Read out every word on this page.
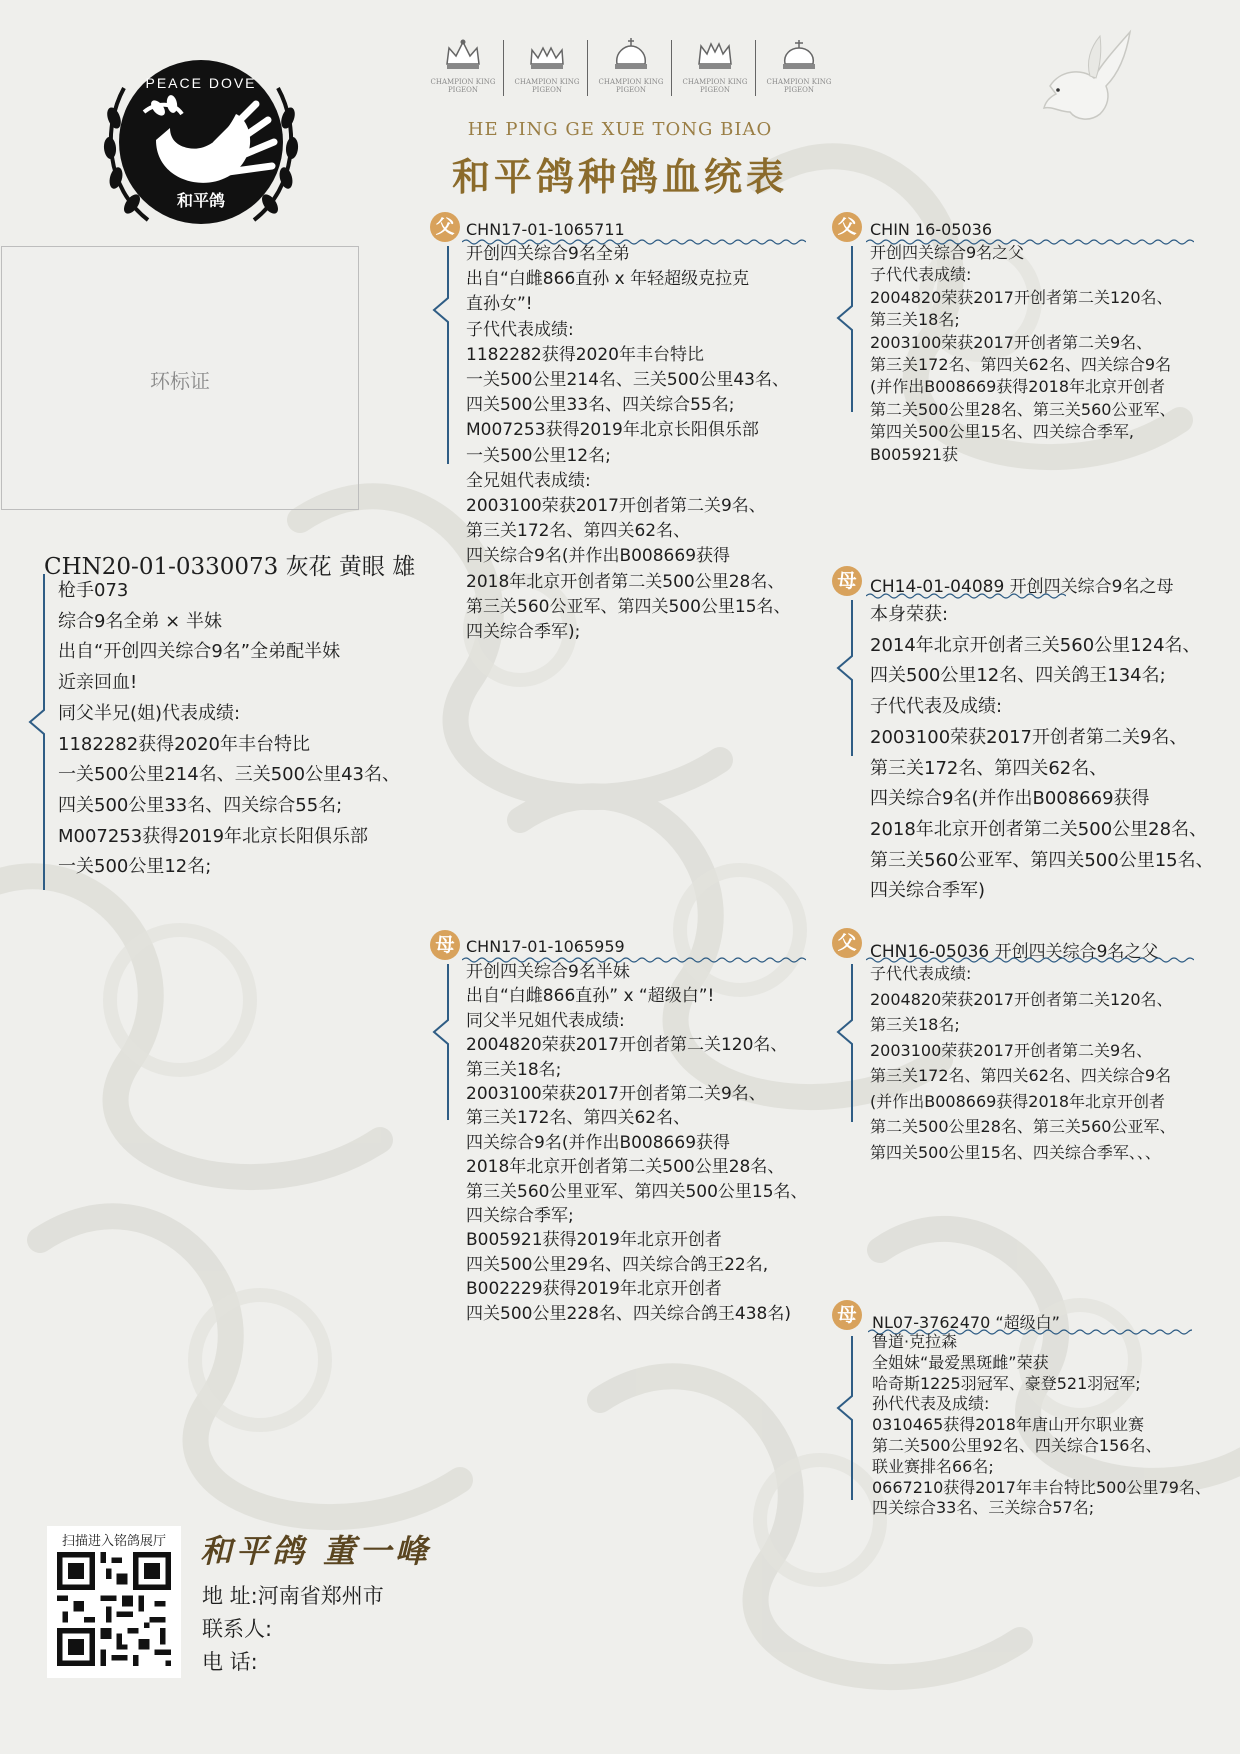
PEACE DOVE
和平鸽
CHAMPION KING PIGEON
CHAMPION KING PIGEON
CHAMPION KING PIGEON
CHAMPION KING PIGEON
CHAMPION KING PIGEON
HE PING GE XUE TONG BIAO
和平鸽种鸽血统表
环标证
CHN20-01-0330073 灰花 黄眼 雄
枪手073
综合9名全弟 × 半妹
出自“开创四关综合9名”全弟配半妹
近亲回血!
同父半兄(姐)代表成绩:
1182282获得2020年丰台特比
一关500公里214名、三关500公里43名、
四关500公里33名、四关综合55名;
M007253获得2019年北京长阳俱乐部
一关500公里12名;
父 CHN17-01-1065711
开创四关综合9名全弟
出自“白雌866直孙 x 年轻超级克拉克
直孙女”!
子代代表成绩:
1182282获得2020年丰台特比
一关500公里214名、三关500公里43名、
四关500公里33名、四关综合55名;
M007253获得2019年北京长阳俱乐部
一关500公里12名;
全兄姐代表成绩:
2003100荣获2017开创者第二关9名、
第三关172名、第四关62名、
四关综合9名(并作出B008669获得
2018年北京开创者第二关500公里28名、
第三关560公亚军、第四关500公里15名、
四关综合季军);
父 CHIN 16-05036
开创四关综合9名之父
子代代表成绩:
2004820荣获2017开创者第二关120名、
第三关18名;
2003100荣获2017开创者第二关9名、
第三关172名、第四关62名、四关综合9名
(并作出B008669获得2018年北京开创者
第二关500公里28名、第三关560公亚军、
第四关500公里15名、四关综合季军,
B005921获
母 CH14-01-04089 开创四关综合9名之母
本身荣获:
2014年北京开创者三关560公里124名、
四关500公里12名、四关鸽王134名;
子代代表及成绩:
2003100荣获2017开创者第二关9名、
第三关172名、第四关62名、
四关综合9名(并作出B008669获得
2018年北京开创者第二关500公里28名、
第三关560公亚军、第四关500公里15名、
四关综合季军)
母 CHN17-01-1065959
开创四关综合9名半妹
出自“白雌866直孙” x “超级白”!
同父半兄姐代表成绩:
2004820荣获2017开创者第二关120名、
第三关18名;
2003100荣获2017开创者第二关9名、
第三关172名、第四关62名、
四关综合9名(并作出B008669获得
2018年北京开创者第二关500公里28名、
第三关560公里亚军、第四关500公里15名、
四关综合季军;
B005921获得2019年北京开创者
四关500公里29名、四关综合鸽王22名,
B002229获得2019年北京开创者
四关500公里228名、四关综合鸽王438名)
父 CHN16-05036 开创四关综合9名之父
子代代表成绩:
2004820荣获2017开创者第二关120名、
第三关18名;
2003100荣获2017开创者第二关9名、
第三关172名、第四关62名、四关综合9名
(并作出B008669获得2018年北京开创者
第二关500公里28名、第三关560公亚军、
第四关500公里15名、四关综合季军、、、
母 NL07-3762470 “超级白”
鲁道·克拉森
全姐妹“最爱黑斑雌”荣获
哈奇斯1225羽冠军、豪登521羽冠军;
孙代代表及成绩:
0310465获得2018年唐山开尔职业赛
第二关500公里92名、四关综合156名、
联业赛排名66名;
0667210获得2017年丰台特比500公里79名、
四关综合33名、三关综合57名;
扫描进入铭鸽展厅	和平鸽 董一峰
地 址:河南省郑州市
联系人:
电 话:
